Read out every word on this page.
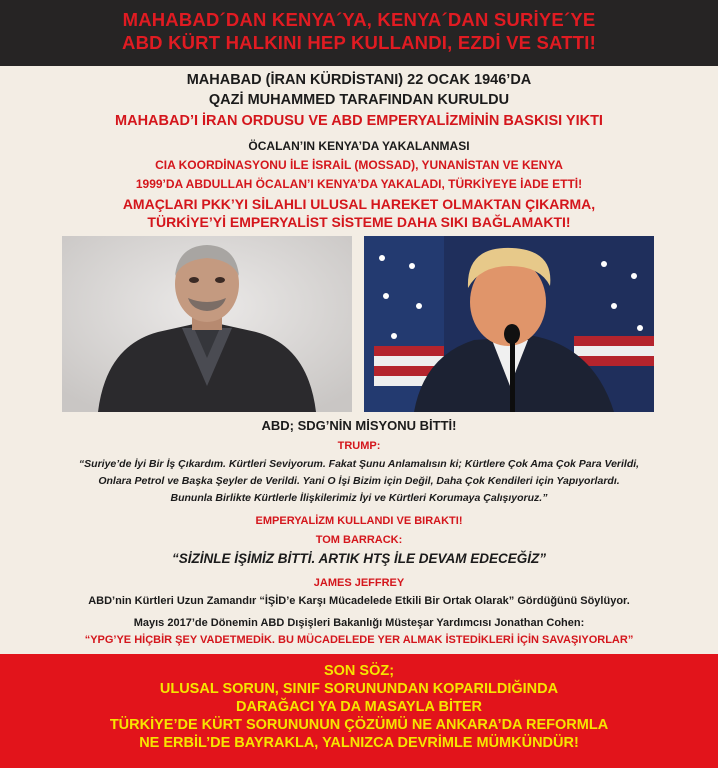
MAHABAD´DAN KENYA´YA, KENYA´DAN SURİYE´YE
ABD KÜRT HALKINI HEP KULLANDI, EZDİ VE SATTI!
MAHABAD (İRAN KÜRDİSTANI) 22 OCAK 1946’DA
QAZİ MUHAMMED TARAFINDAN KURULDU
MAHABAD’I İRAN ORDUSU VE ABD EMPERYALİZMİNİN BASKISI YIKTI
ÖCALAN’IN KENYA’DA YAKALANMASI
CIA KOORDİNASYONU İLE İSRAİL (MOSSAD), YUNANİSTAN VE KENYA
1999’DA ABDULLAH ÖCALAN’I KENYA’DA YAKALADI, TÜRKİYEYE İADE ETTİ!
AMAÇLARI PKK’YI SİLAHLI ULUSAL HAREKET OLMAKTAN ÇIKARMA,
TÜRKİYE’Yİ EMPERYALİST SİSTEME DAHA SIKI BAĞLAMAKTI!
ABD; SDG’NİN MİSYONU BİTTİ!
TRUMP:
“Suriye’de İyi Bir İş Çıkardım. Kürtleri Seviyorum. Fakat Şunu Anlamalısın ki; Kürtlere Çok Ama Çok Para Verildi,
Onlara Petrol ve Başka Şeyler de Verildi. Yani O İşi Bizim için Değil, Daha Çok Kendileri için Yapıyorlardı.
Bununla Birlikte Kürtlerle İlişkilerimiz İyi ve Kürtleri Korumaya Çalışıyoruz.”
EMPERYALİZM KULLANDI VE BIRAKTI!
TOM BARRACK:
“SİZİNLE İŞİMİZ BİTTİ. ARTIK HTŞ İLE DEVAM EDECEĞİZ”
JAMES JEFFREY
ABD’nin Kürtleri Uzun Zamandır “İŞİD’e Karşı Mücadelede Etkili Bir Ortak Olarak” Gördüğünü Söylüyor.
Mayıs 2017’de Dönemin ABD Dışişleri Bakanlığı Müsteşar Yardımcısı Jonathan Cohen:
“YPG’YE HİÇBİR ŞEY VADETMEDİK. BU MÜCADELEDE YER ALMAK İSTEDİKLERİ İÇİN SAVAŞIYORLAR”
SON SÖZ;
ULUSAL SORUN, SINIF SORUNUNDAN KOPARILDIĞINDA
DARAĞACI YA DA MASAYLA BİTER
TÜRKİYE’DE KÜRT SORUNUNUN ÇÖZÜMÜ NE ANKARA’DA REFORMLA
NE ERBİL’DE BAYRAKLA, YALNIZCA DEVRİMLE MÜMKÜNDÜR!
